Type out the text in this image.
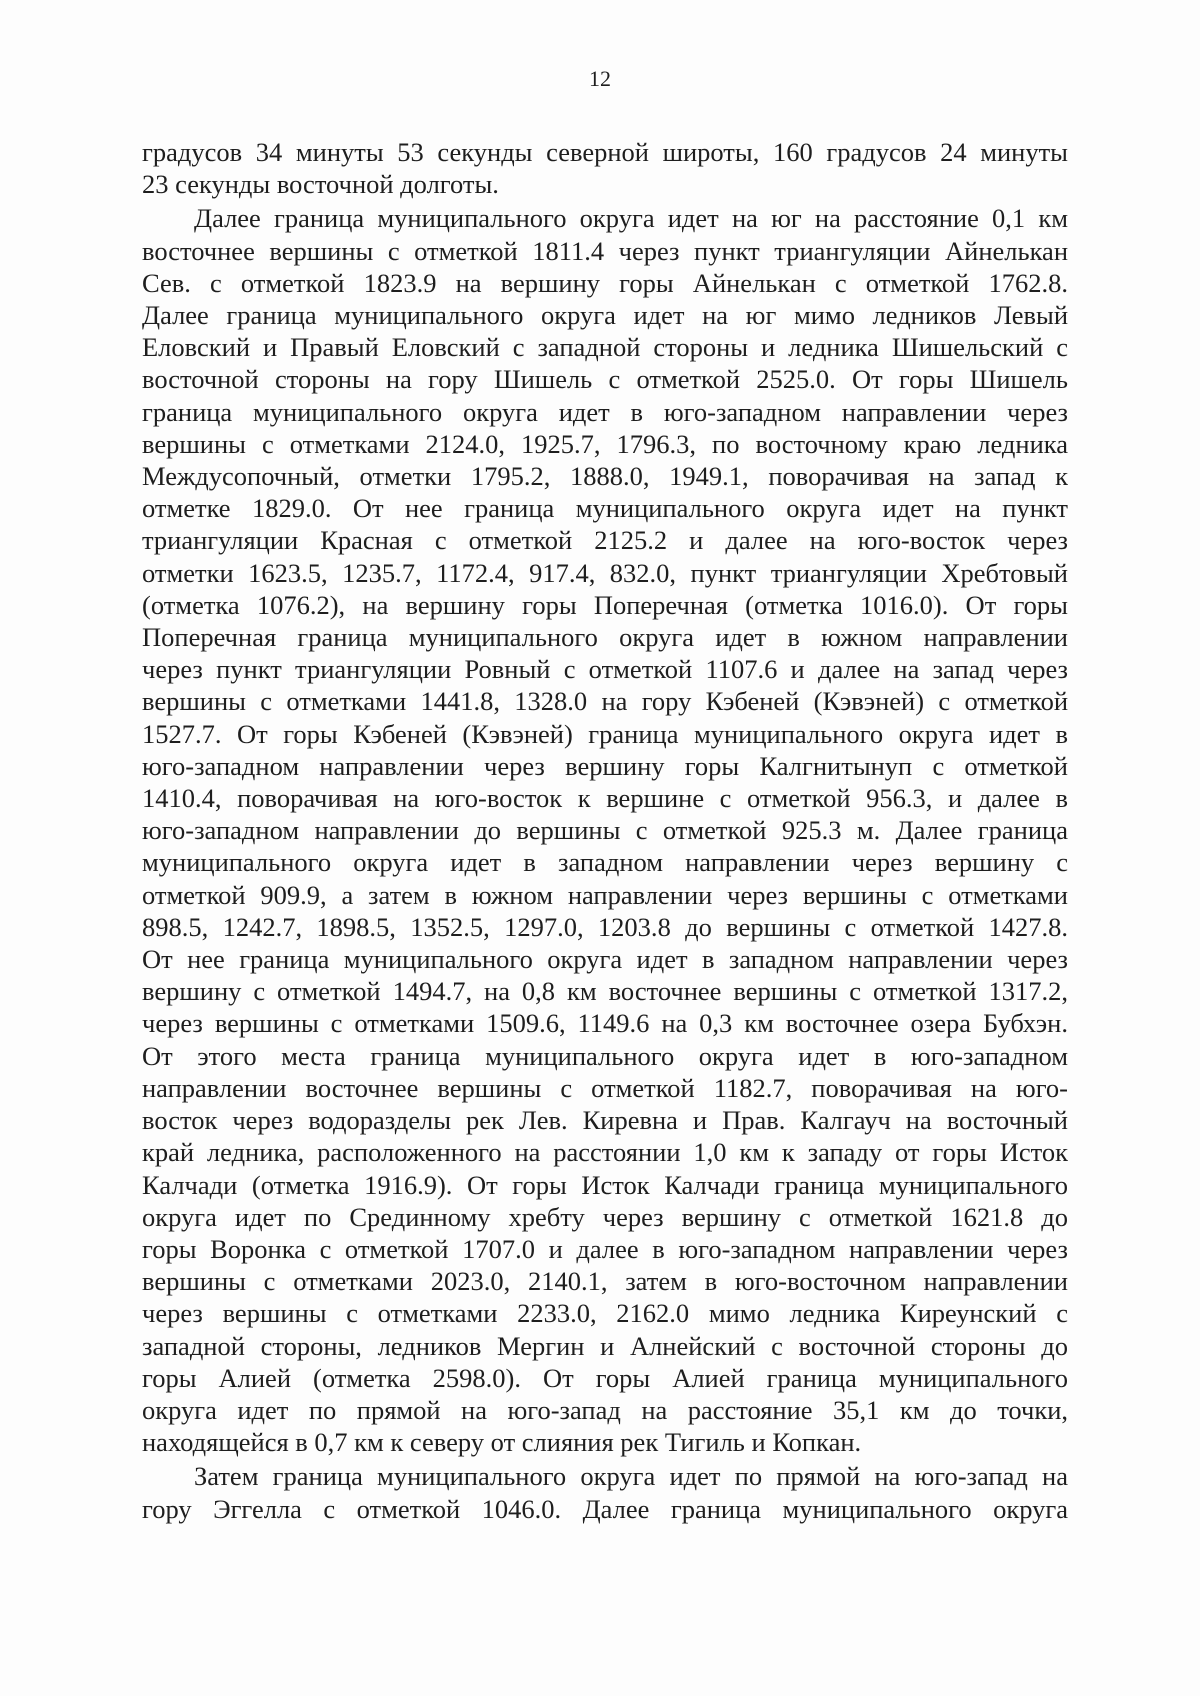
12
градусов 34 минуты 53 секунды северной широты, 160 градусов 24 минуты
23 секунды восточной долготы.
Далее граница муниципального округа идет на юг на расстояние 0,1 км
восточнее вершины с отметкой 1811.4 через пункт триангуляции Айнелькан
Сев. с отметкой 1823.9 на вершину горы Айнелькан с отметкой 1762.8.
Далее граница муниципального округа идет на юг мимо ледников Левый
Еловский и Правый Еловский с западной стороны и ледника Шишельский с
восточной стороны на гору Шишель с отметкой 2525.0. От горы Шишель
граница муниципального округа идет в юго-западном направлении через
вершины с отметками 2124.0, 1925.7, 1796.3, по восточному краю ледника
Междусопочный, отметки 1795.2, 1888.0, 1949.1, поворачивая на запад к
отметке 1829.0. От нее граница муниципального округа идет на пункт
триангуляции Красная с отметкой 2125.2 и далее на юго-восток через
отметки 1623.5, 1235.7, 1172.4, 917.4, 832.0, пункт триангуляции Хребтовый
(отметка 1076.2), на вершину горы Поперечная (отметка 1016.0). От горы
Поперечная граница муниципального округа идет в южном направлении
через пункт триангуляции Ровный с отметкой 1107.6 и далее на запад через
вершины с отметками 1441.8, 1328.0 на гору Кэбеней (Кэвэней) с отметкой
1527.7. От горы Кэбеней (Кэвэней) граница муниципального округа идет в
юго-западном направлении через вершину горы Калгнитынуп с отметкой
1410.4, поворачивая на юго-восток к вершине с отметкой 956.3, и далее в
юго-западном направлении до вершины с отметкой 925.3 м. Далее граница
муниципального округа идет в западном направлении через вершину с
отметкой 909.9, а затем в южном направлении через вершины с отметками
898.5, 1242.7, 1898.5, 1352.5, 1297.0, 1203.8 до вершины с отметкой 1427.8.
От нее граница муниципального округа идет в западном направлении через
вершину с отметкой 1494.7, на 0,8 км восточнее вершины с отметкой 1317.2,
через вершины с отметками 1509.6, 1149.6 на 0,3 км восточнее озера Бубхэн.
От этого места граница муниципального округа идет в юго-западном
направлении восточнее вершины с отметкой 1182.7, поворачивая на юго-
восток через водоразделы рек Лев. Киревна и Прав. Калгауч на восточный
край ледника, расположенного на расстоянии 1,0 км к западу от горы Исток
Калчади (отметка 1916.9). От горы Исток Калчади граница муниципального
округа идет по Срединному хребту через вершину с отметкой 1621.8 до
горы Воронка с отметкой 1707.0 и далее в юго-западном направлении через
вершины с отметками 2023.0, 2140.1, затем в юго-восточном направлении
через вершины с отметками 2233.0, 2162.0 мимо ледника Киреунский с
западной стороны, ледников Мергин и Алнейский с восточной стороны до
горы Алией (отметка 2598.0). От горы Алией граница муниципального
округа идет по прямой на юго-запад на расстояние 35,1 км до точки,
находящейся в 0,7 км к северу от слияния рек Тигиль и Копкан.
Затем граница муниципального округа идет по прямой на юго-запад на
гору Эггелла с отметкой 1046.0. Далее граница муниципального округа
